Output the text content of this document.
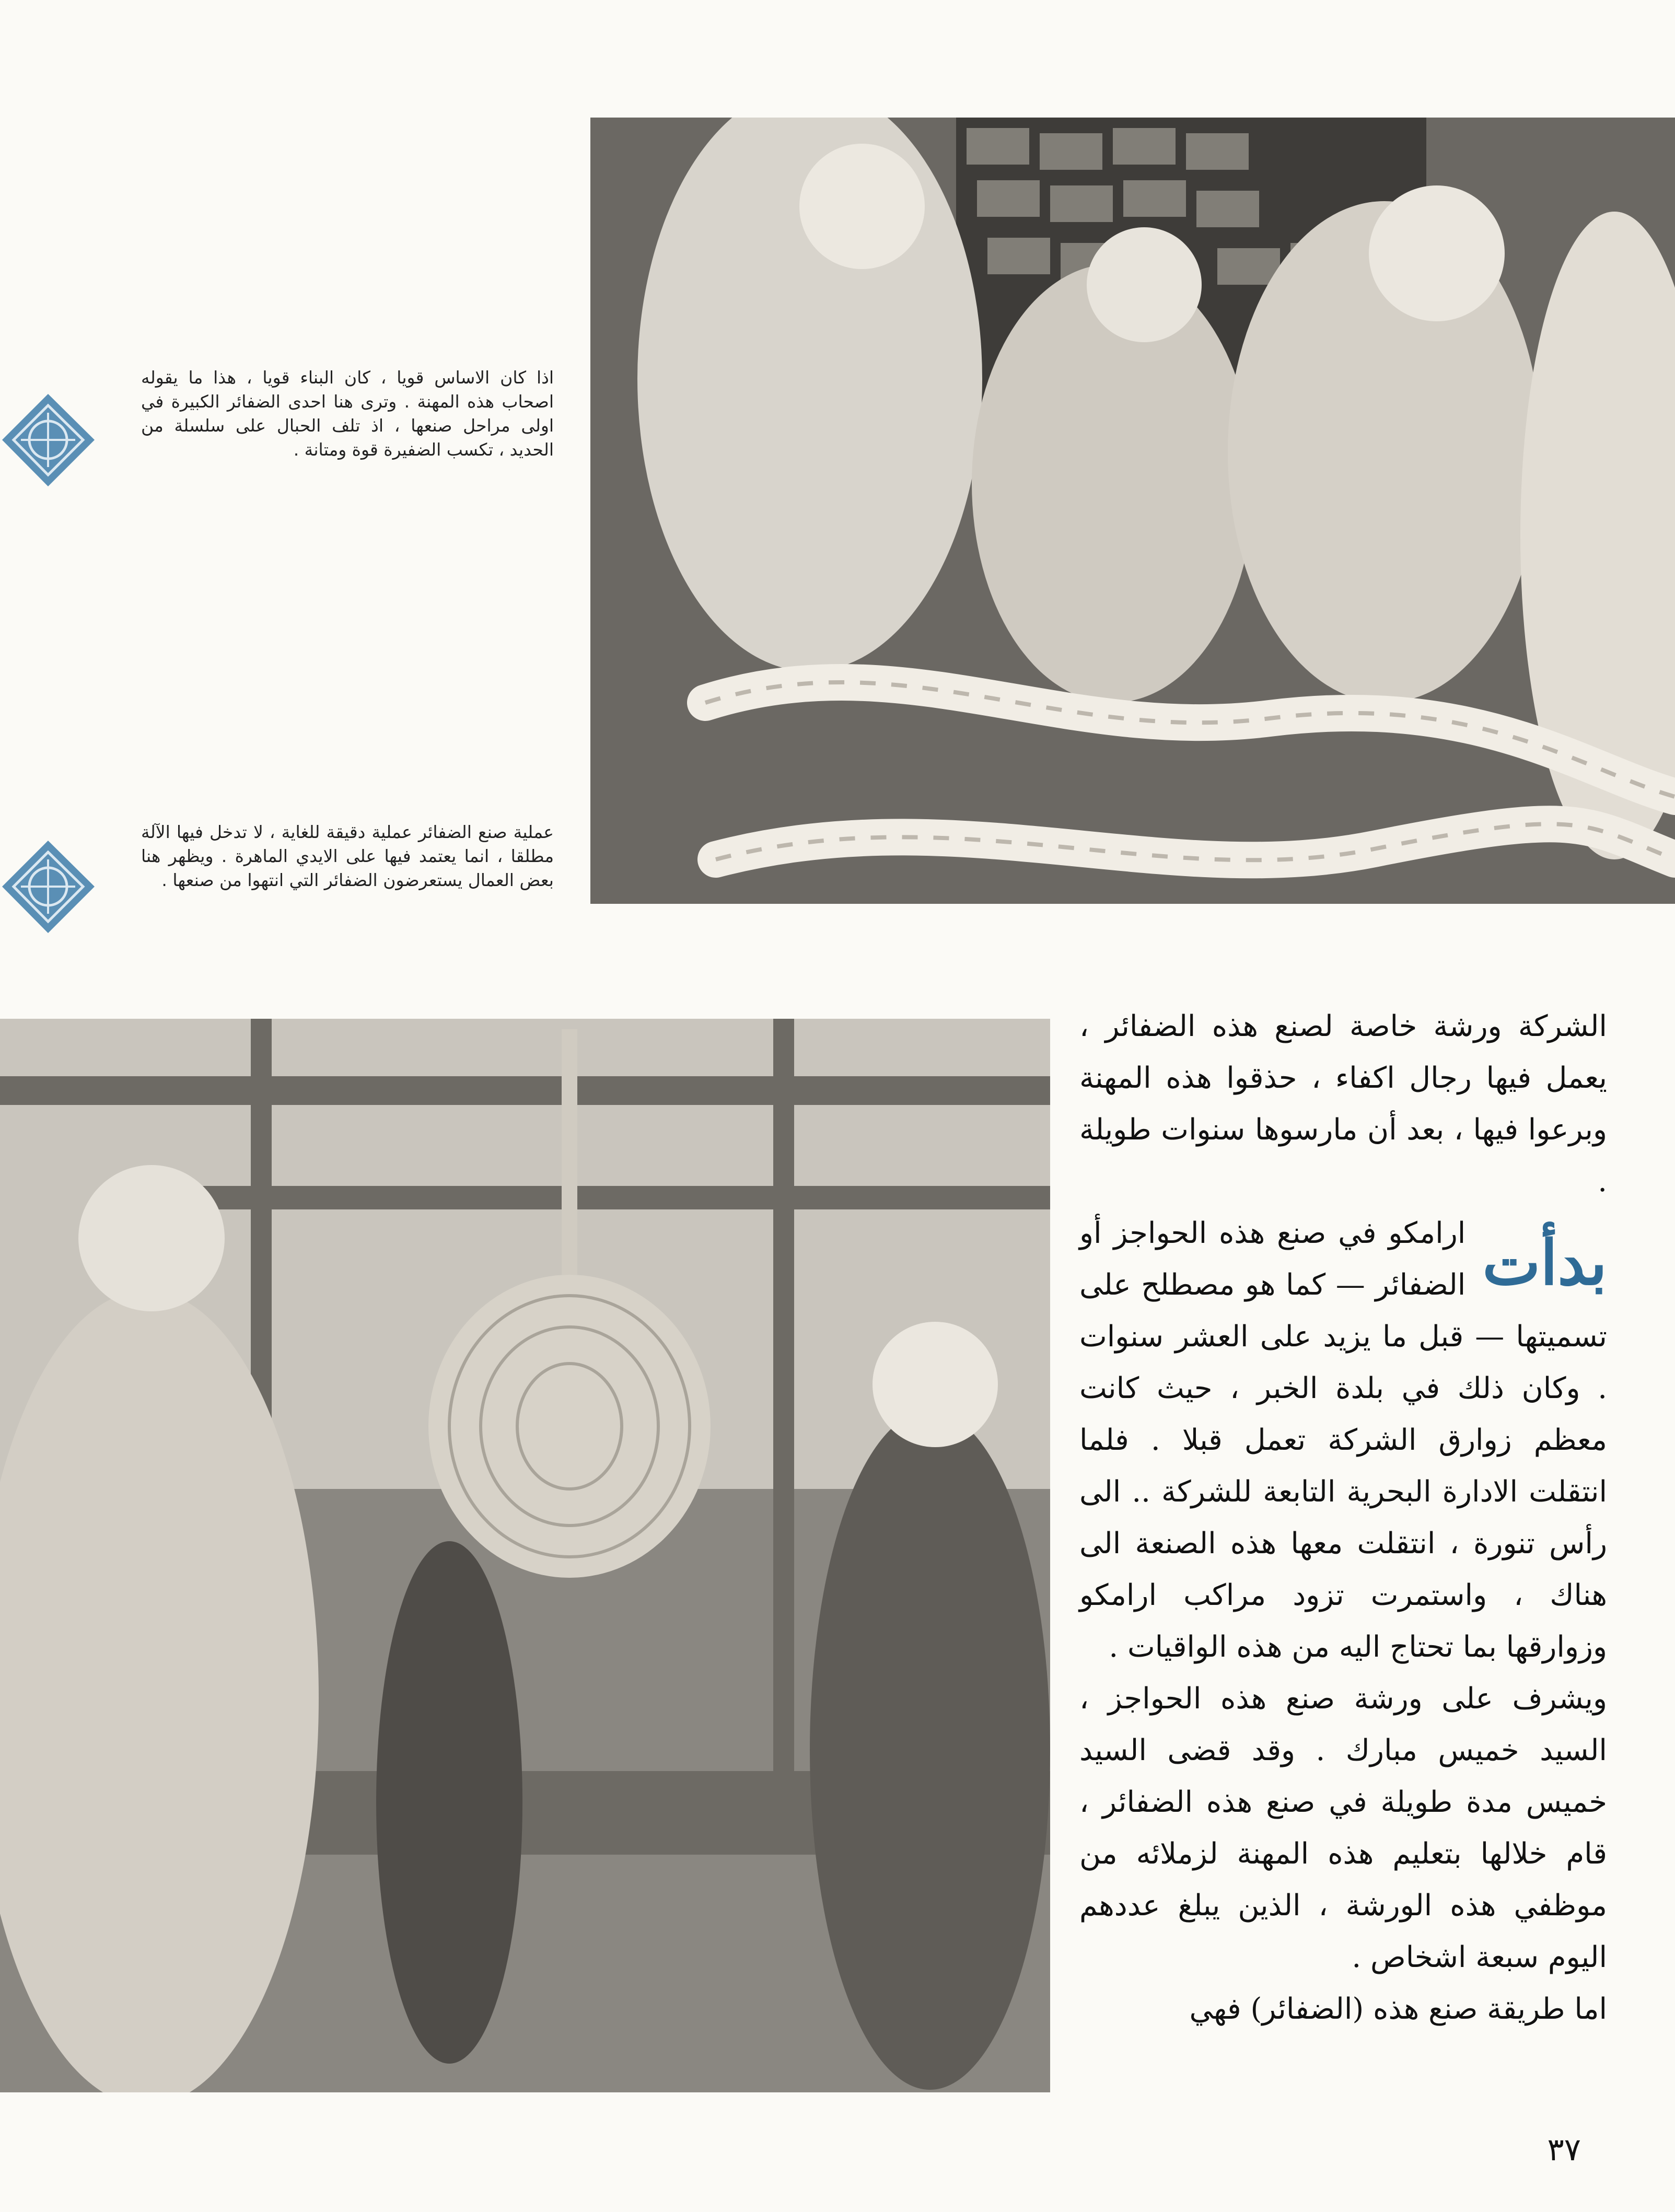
اذا كان الاساس قويا ، كان البناء قويا ، هذا ما يقوله اصحاب هذه المهنة . وترى هنا احدى الضفائر الكبيرة في اولى مراحل صنعها ، اذ تلف الحبال على سلسلة من الحديد ، تكسب الضفيرة قوة ومتانة .
عملية صنع الضفائر عملية دقيقة للغاية ، لا تدخل فيها الآلة مطلقا ، انما يعتمد فيها على الايدي الماهرة . ويظهر هنا بعض العمال يستعرضون الضفائر التي انتهوا من صنعها .

الشركة ورشة خاصة لصنع هذه الضفائر ، يعمل فيها رجال اكفاء ، حذقوا هذه المهنة وبرعوا فيها ، بعد أن مارسوها سنوات طويلة .

بدأت
ارامكو في صنع هذه الحواجز أو الضفائر — كما هو مصطلح على تسميتها — قبل ما يزيد على العشر سنوات . وكان ذلك في بلدة الخبر ، حيث كانت معظم زوارق الشركة تعمل قبلا . فلما انتقلت الادارة البحرية التابعة للشركة .. الى رأس تنورة ، انتقلت معها هذه الصنعة الى هناك ، واستمرت تزود مراكب ارامكو وزوارقها بما تحتاج اليه من هذه الواقيات .

ويشرف على ورشة صنع هذه الحواجز ، السيد خميس مبارك . وقد قضى السيد خميس مدة طويلة في صنع هذه الضفائر ، قام خلالها بتعليم هذه المهنة لزملائه من موظفي هذه الورشة ، الذين يبلغ عددهم اليوم سبعة اشخاص .

اما طريقة صنع هذه (الضفائر) فهي

٣٧
